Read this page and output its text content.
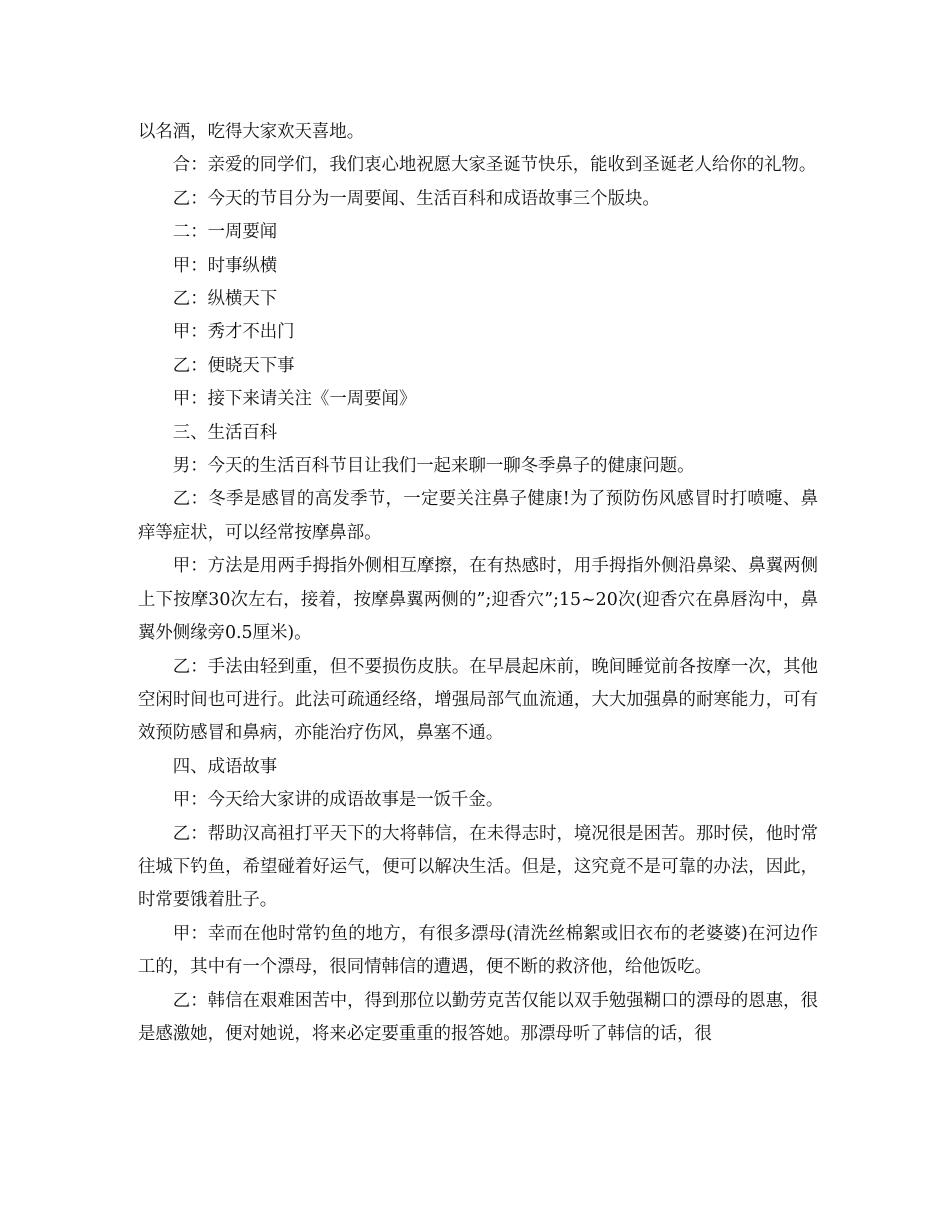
以名酒，吃得大家欢天喜地。

合：亲爱的同学们，我们衷心地祝愿大家圣诞节快乐，能收到圣诞老人给你的礼物。

乙：今天的节目分为一周要闻、生活百科和成语故事三个版块。

二：一周要闻

甲：时事纵横

乙：纵横天下

甲：秀才不出门

乙：便晓天下事

甲：接下来请关注《一周要闻》

三、生活百科

男：今天的生活百科节目让我们一起来聊一聊冬季鼻子的健康问题。

乙：冬季是感冒的高发季节，一定要关注鼻子健康!为了预防伤风感冒时打喷嚏、鼻痒等症状，可以经常按摩鼻部。

甲：方法是用两手拇指外侧相互摩擦，在有热感时，用手拇指外侧沿鼻梁、鼻翼两侧上下按摩30次左右，接着，按摩鼻翼两侧的”;迎香穴”;15~20次(迎香穴在鼻唇沟中，鼻翼外侧缘旁0.5厘米)。

乙：手法由轻到重，但不要损伤皮肤。在早晨起床前，晚间睡觉前各按摩一次，其他空闲时间也可进行。此法可疏通经络，增强局部气血流通，大大加强鼻的耐寒能力，可有效预防感冒和鼻病，亦能治疗伤风，鼻塞不通。

四、成语故事

甲：今天给大家讲的成语故事是一饭千金。

乙：帮助汉高祖打平天下的大将韩信，在未得志时，境况很是困苦。那时侯，他时常往城下钓鱼，希望碰着好运气，便可以解决生活。但是，这究竟不是可靠的办法，因此，时常要饿着肚子。

甲：幸而在他时常钓鱼的地方，有很多漂母(清洗丝棉絮或旧衣布的老婆婆)在河边作工的，其中有一个漂母，很同情韩信的遭遇，便不断的救济他，给他饭吃。

乙：韩信在艰难困苦中，得到那位以勤劳克苦仅能以双手勉强糊口的漂母的恩惠，很是感激她，便对她说，将来必定要重重的报答她。那漂母听了韩信的话，很
